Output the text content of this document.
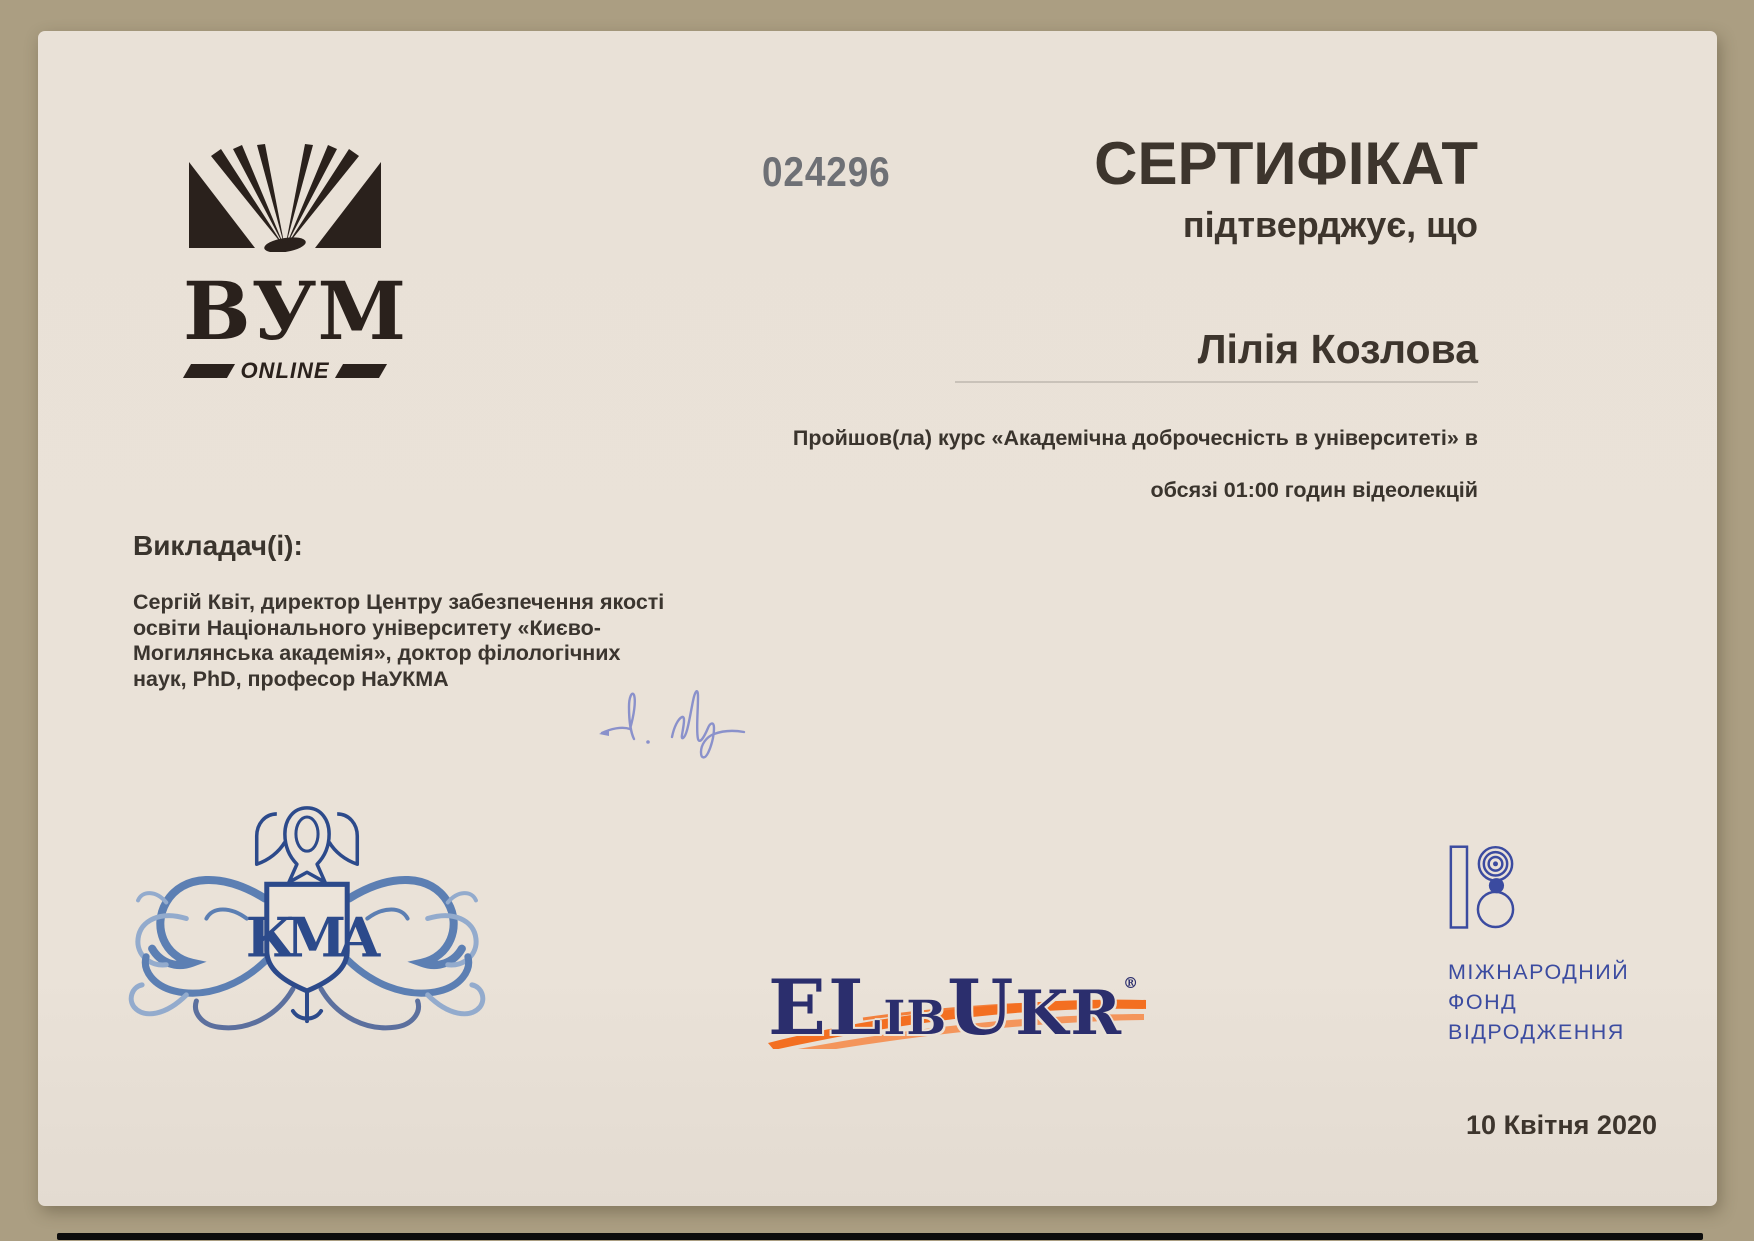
ВУМ
ONLINE
024296	СЕРТИФІКАТ
підтверджує, що
Лілія Козлова
Пройшов(ла) курс «Академічна доброчесність в університеті» в
обсязі 01:00 годин відеолекцій
Викладач(і):
Сергій Квіт, директор Центру забезпечення якості
освіти Національного університету «Києво-
Могилянська академія», доктор філологічних
наук, PhD, професор НаУКМА
КМА
ELIBUKR®	МІЖНАРОДНИЙ
ФОНД
ВІДРОДЖЕННЯ
10 Квітня 2020
